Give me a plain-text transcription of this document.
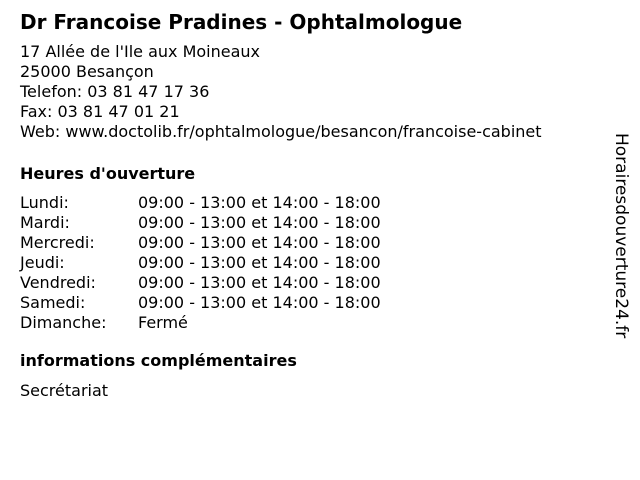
Dr Francoise Pradines - Ophtalmologue
17 Allée de l'Ile aux Moineaux
25000 Besançon
Telefon: 03 81 47 17 36
Fax: 03 81 47 01 21
Web: www.doctolib.fr/ophtalmologue/besancon/francoise-cabinet
Heures d'ouverture
Lundi:	09:00 - 13:00 et 14:00 - 18:00
Mardi:	09:00 - 13:00 et 14:00 - 18:00
Mercredi:	09:00 - 13:00 et 14:00 - 18:00
Jeudi:	09:00 - 13:00 et 14:00 - 18:00
Vendredi:	09:00 - 13:00 et 14:00 - 18:00
Samedi:	09:00 - 13:00 et 14:00 - 18:00
Dimanche:	Fermé
informations complémentaires
Secrétariat
Horairesdouverture24.fr
